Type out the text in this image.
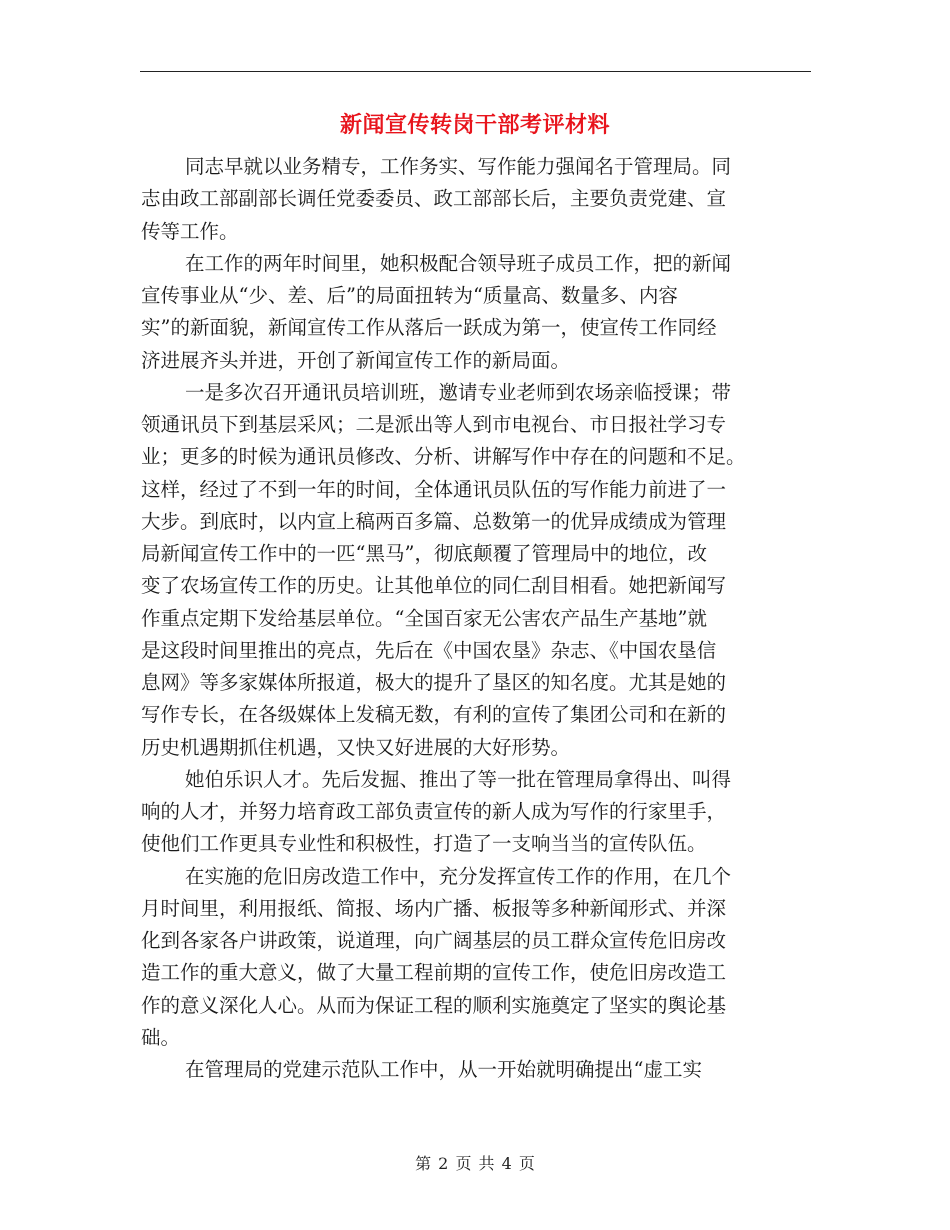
新闻宣传转岗干部考评材料
同志早就以业务精专，工作务实、写作能力强闻名于管理局。同
志由政工部副部长调任党委委员、政工部部长后，主要负责党建、宣
传等工作。
在工作的两年时间里，她积极配合领导班子成员工作，把的新闻
宣传事业从“少、差、后”的局面扭转为“质量高、数量多、内容
实”的新面貌，新闻宣传工作从落后一跃成为第一，使宣传工作同经
济进展齐头并进，开创了新闻宣传工作的新局面。
一是多次召开通讯员培训班，邀请专业老师到农场亲临授课；带
领通讯员下到基层采风；二是派出等人到市电视台、市日报社学习专
业；更多的时候为通讯员修改、分析、讲解写作中存在的问题和不足。
这样，经过了不到一年的时间，全体通讯员队伍的写作能力前进了一
大步。到底时，以内宣上稿两百多篇、总数第一的优异成绩成为管理
局新闻宣传工作中的一匹“黑马”，彻底颠覆了管理局中的地位，改
变了农场宣传工作的历史。让其他单位的同仁刮目相看。她把新闻写
作重点定期下发给基层单位。“全国百家无公害农产品生产基地”就
是这段时间里推出的亮点，先后在《中国农垦》杂志、《中国农垦信
息网》等多家媒体所报道，极大的提升了垦区的知名度。尤其是她的
写作专长，在各级媒体上发稿无数，有利的宣传了集团公司和在新的
历史机遇期抓住机遇，又快又好进展的大好形势。
她伯乐识人才。先后发掘、推出了等一批在管理局拿得出、叫得
响的人才，并努力培育政工部负责宣传的新人成为写作的行家里手，
使他们工作更具专业性和积极性，打造了一支响当当的宣传队伍。
在实施的危旧房改造工作中，充分发挥宣传工作的作用，在几个
月时间里，利用报纸、简报、场内广播、板报等多种新闻形式、并深
化到各家各户讲政策，说道理，向广阔基层的员工群众宣传危旧房改
造工作的重大意义，做了大量工程前期的宣传工作，使危旧房改造工
作的意义深化人心。从而为保证工程的顺利实施奠定了坚实的舆论基
础。
在管理局的党建示范队工作中，从一开始就明确提出“虚工实
第 2 页 共 4 页
